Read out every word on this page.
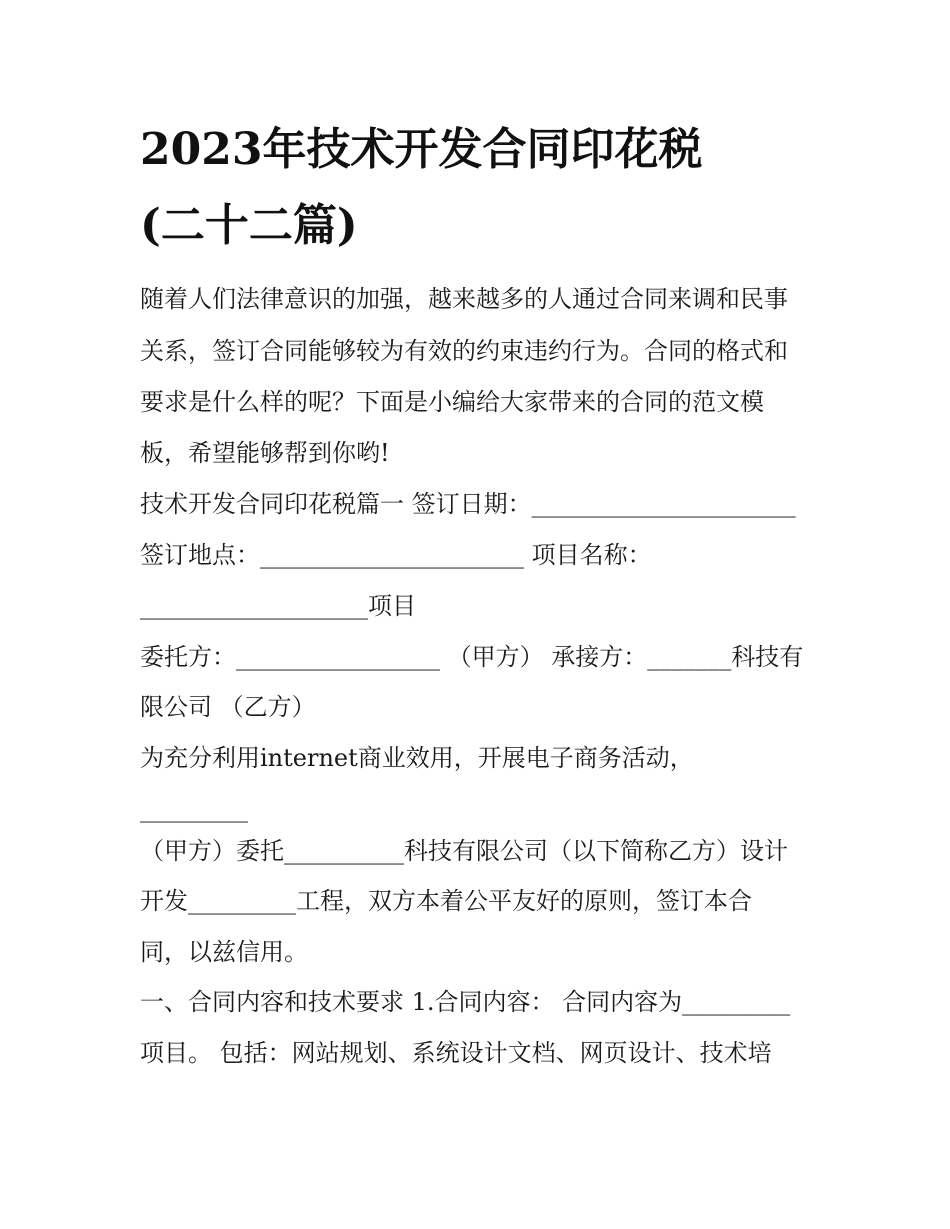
2023年技术开发合同印花税
(二十二篇)

随着人们法律意识的加强，越来越多的人通过合同来调和民事

关系，签订合同能够较为有效的约束违约行为。合同的格式和

要求是什么样的呢？下面是小编给大家带来的合同的范文模

板，希望能够帮到你哟!

技术开发合同印花税篇一 签订日期：______________________

签订地点：______________________ 项目名称：

___________________项目

委托方：_________________ （甲方） 承接方：_______科技有

限公司 （乙方）

为充分利用internet商业效用，开展电子商务活动，

_________

（甲方）委托__________科技有限公司（以下简称乙方）设计

开发_________工程，双方本着公平友好的原则，签订本合

同，以兹信用。

一、合同内容和技术要求 1.合同内容： 合同内容为_________

项目。 包括：网站规划、系统设计文档、网页设计、技术培
